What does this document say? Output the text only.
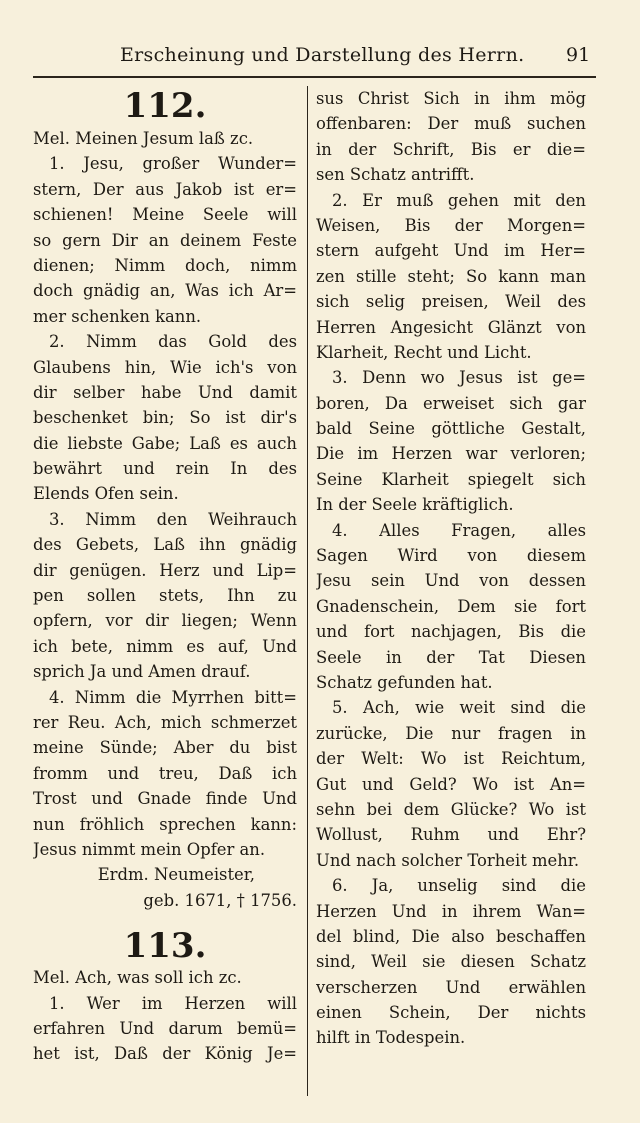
Erscheinung und Darstellung des Herrn. 91
112.
Mel. Meinen Jesum laß zc.
1. Jesu, großer Wunder=
stern, Der aus Jakob ist er=
schienen! Meine Seele will
so gern Dir an deinem Feste
dienen; Nimm doch, nimm
doch gnädig an, Was ich Ar=
mer schenken kann.
2. Nimm das Gold des
Glaubens hin, Wie ich's von
dir selber habe Und damit
beschenket bin; So ist dir's
die liebste Gabe; Laß es auch
bewährt und rein In des
Elends Ofen sein.
3. Nimm den Weihrauch
des Gebets, Laß ihn gnädig
dir genügen. Herz und Lip=
pen sollen stets, Ihn zu
opfern, vor dir liegen; Wenn
ich bete, nimm es auf, Und
sprich Ja und Amen drauf.
4. Nimm die Myrrhen bitt=
rer Reu. Ach, mich schmerzet
meine Sünde; Aber du bist
fromm und treu, Daß ich
Trost und Gnade finde Und
nun fröhlich sprechen kann:
Jesus nimmt mein Opfer an.
Erdm. Neumeister,
geb. 1671, † 1756.
113.
Mel. Ach, was soll ich zc.
1. Wer im Herzen will
erfahren Und darum bemü=
het ist, Daß der König Je=
sus Christ Sich in ihm mög
offenbaren: Der muß suchen
in der Schrift, Bis er die=
sen Schatz antrifft.
2. Er muß gehen mit den
Weisen, Bis der Morgen=
stern aufgeht Und im Her=
zen stille steht; So kann man
sich selig preisen, Weil des
Herren Angesicht Glänzt von
Klarheit, Recht und Licht.
3. Denn wo Jesus ist ge=
boren, Da erweiset sich gar
bald Seine göttliche Gestalt,
Die im Herzen war verloren;
Seine Klarheit spiegelt sich
In der Seele kräftiglich.
4. Alles Fragen, alles
Sagen Wird von diesem
Jesu sein Und von dessen
Gnadenschein, Dem sie fort
und fort nachjagen, Bis die
Seele in der Tat Diesen
Schatz gefunden hat.
5. Ach, wie weit sind die
zurücke, Die nur fragen in
der Welt: Wo ist Reichtum,
Gut und Geld? Wo ist An=
sehn bei dem Glücke? Wo ist
Wollust, Ruhm und Ehr?
Und nach solcher Torheit mehr.
6. Ja, unselig sind die
Herzen Und in ihrem Wan=
del blind, Die also beschaffen
sind, Weil sie diesen Schatz
verscherzen Und erwählen
einen Schein, Der nichts
hilft in Todespein.
